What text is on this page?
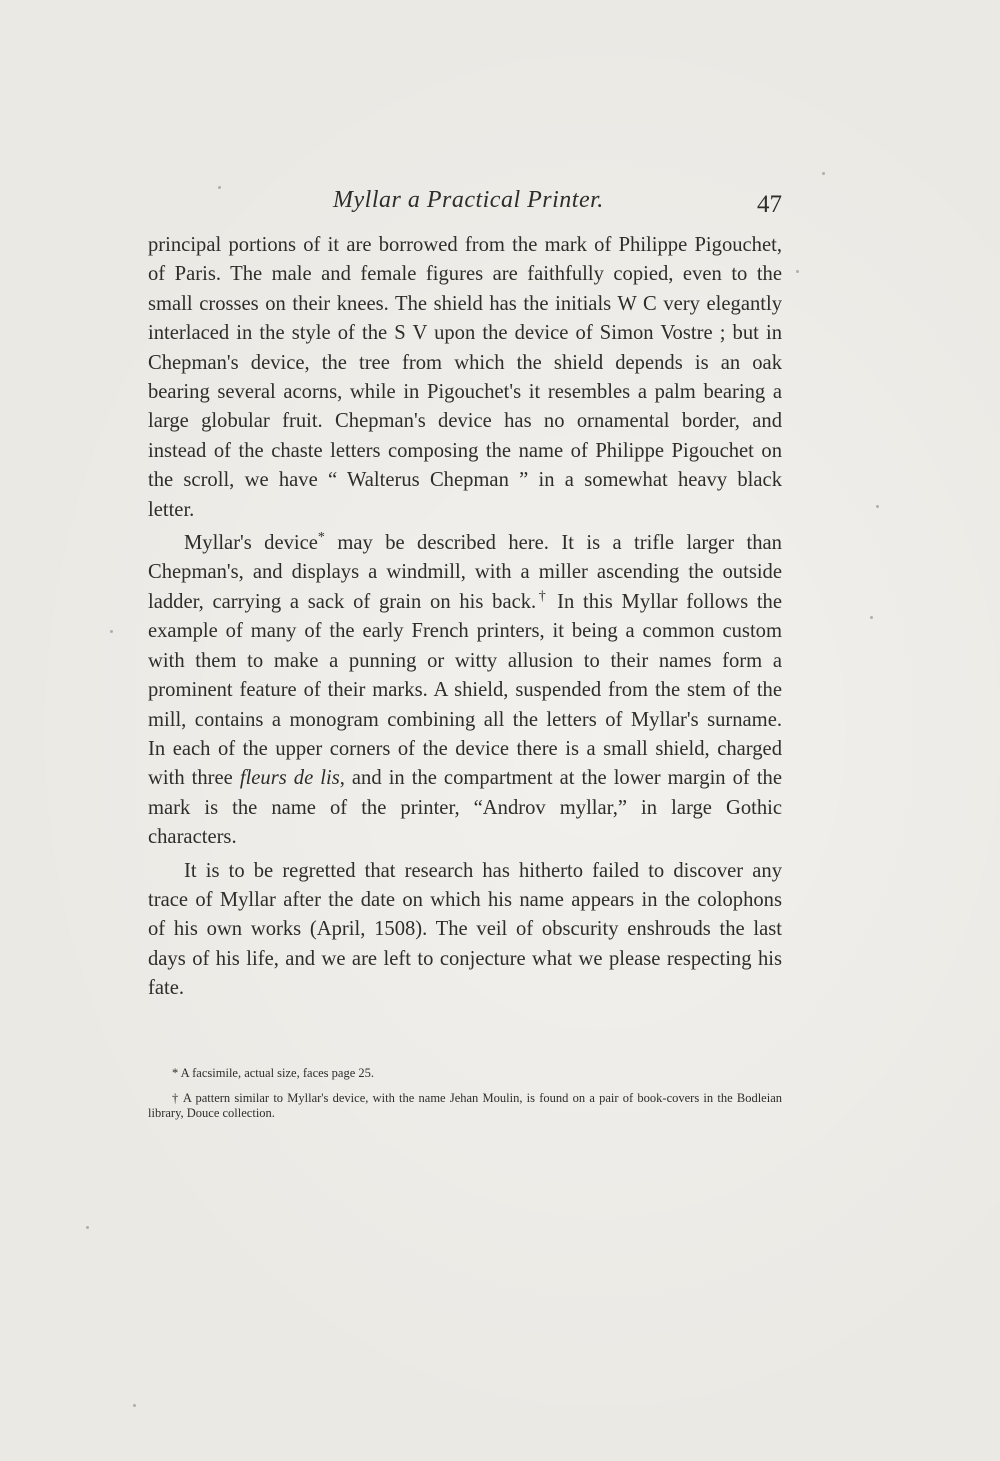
Myllar a Practical Printer.	47

principal portions of it are borrowed from the mark of Philippe Pigouchet, of Paris. The male and female figures are faithfully copied, even to the small crosses on their knees. The shield has the initials W C very elegantly interlaced in the style of the S V upon the device of Simon Vostre ; but in Chepman's device, the tree from which the shield depends is an oak bearing several acorns, while in Pigouchet's it resembles a palm bearing a large globular fruit. Chepman's device has no ornamental border, and instead of the chaste letters composing the name of Philippe Pigouchet on the scroll, we have “ Walterus Chepman ” in a somewhat heavy black letter.

Myllar's device* may be described here. It is a trifle larger than Chepman's, and displays a windmill, with a miller ascending the outside ladder, carrying a sack of grain on his back.† In this Myllar follows the example of many of the early French printers, it being a common custom with them to make a punning or witty allusion to their names form a prominent feature of their marks. A shield, suspended from the stem of the mill, contains a monogram combining all the letters of Myllar's surname. In each of the upper corners of the device there is a small shield, charged with three fleurs de lis, and in the compartment at the lower margin of the mark is the name of the printer, “Androv myllar,” in large Gothic characters.

It is to be regretted that research has hitherto failed to discover any trace of Myllar after the date on which his name appears in the colophons of his own works (April, 1508). The veil of obscurity enshrouds the last days of his life, and we are left to conjecture what we please respecting his fate.

* A facsimile, actual size, faces page 25.

† A pattern similar to Myllar's device, with the name Jehan Moulin, is found on a pair of book-covers in the Bodleian library, Douce collection.
